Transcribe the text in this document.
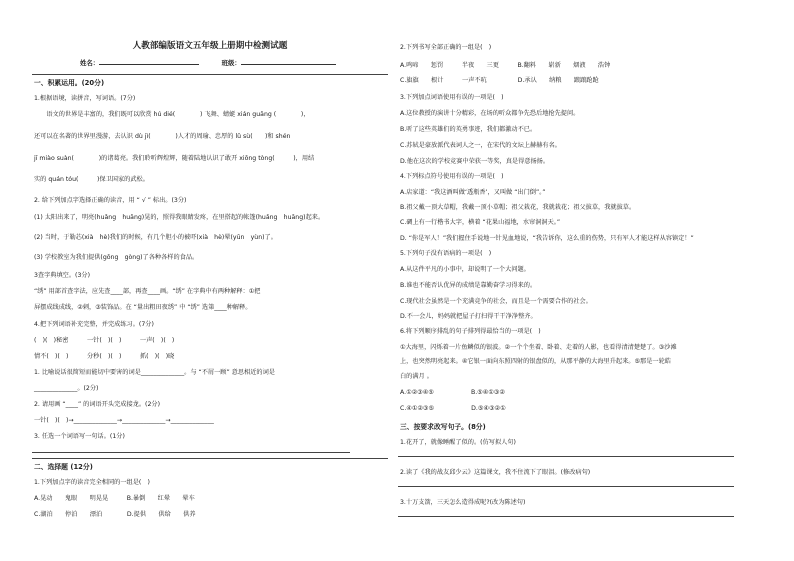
人教部编版语文五年级上册期中检测试题
姓名：	班级：
一、积累运用。(20分)
1.根据语境，读拼音，写词语。(7分)
　　语文的世界是丰富的，我们既可以欣赏 hú dié(　　　　) 飞舞、蜻蜓 xián guāng (　　　　)，
还可以在名著的世界里漫游，去认识 dù jì(　　　　)人才的周瑜、忠厚的 lǔ sù(　　)和 shén
jī miào suàn(　　　　)的诸葛亮。我们聆听辉煌辉，随着陆地认识了敢开 xiōng tòng(　　　)，用结
实的 quán tóu(　　　)保卫国家的武松。
2. 给下列加点字选择正确的读音，用 “ √ ” 标出。(3分)
(1) 太阳出来了，明亮(huǎng　huāng)晃的，照得我眼睛发疼，在里搭起的帐篷(huǎng　huāng)起来。
(2) 当时，于勒芯(xià　hè)我们的时候，有几个胆小的被吓(xià　hè)晕(yūn　yùn)了。
(3) 学校教室为我们提供(gōng　gòng)了各种各样的食品。
3查字典填空。(3分)
“绣” 用部首查字法，应先查____部，再查____画。“绣” 在字典中有两种解释：①把
屏摆成线成线，②刺，③装饰品。在 “量出粗田夜绣” 中 “绣” 选第____种解释。
4.把下列词语补充完整，并完成练习。(7分)
(　)(　)秘密　　　一针(　)(　)　　　一声(　)(　)
情不(　)(　)　　　分秒(　)(　)　　　抓(　)(　)晓
1. 比喻说话很简短而能切中要害的词是______________。与 “不屑一顾” 意思相近的词是
______________。(2分)
2. 请用画 “____” 的词语开头完成接龙。(2分)
一针(　)(　)→______________→______________→______________
3. 任选一个词语写一句话。(1分)
二、选择题 (12分)
1.下列加点字的读音完全相同的一组是(　)
A.晃动　　鬼眼　　明晃晃　　　B.暴倒　　红晕　　晕车
C.湖泊　　停泊　　漂泊　　　　D.提供　　供给　　供养
2.下列书写全部正确的一组是(　)
A.鸣啼　　惩罚　　　半夜　　三更　　　B.翻料　　崭新　　烟液　　浩钟
C.旗旗　　根计　　　一声不吭　　　　　D.承认　　纳粮　　踉踉跄跄
3.下列加点词语使用有误的一项是(　)
A.这位教授的演讲十分精彩，在场的听众都争先恐后地抢先提问。
B.听了这些英雄们的英勇事迹，我们都激动不已。
C.苏轼是豪放派代表词人之一，在宋代的文坛上赫赫有名。
D.他在这次的学校竞赛中荣获一等奖，真是得意扬扬。
4.下列标点符号使用有误的一项是(　)
A.店家道：“我这酒叫做‘透瓶香’，又叫做 “出门倒”。”
B.祖父戴一顶大草帽，我戴一顶小草帽；祖父栽花，我就栽花；祖父拔草，我就拔草。
C.碉上有一行楷书大字，横着 “花果山福地，水帘洞洞天。”
D. “你是军人！”我们握住手说地一针见血地说，“我告诉你，这么重的伤势，只有军人才能这样从容镇定！”
5.下列句子没有语病的一项是(　)
A.从这件平凡的小事中，却说明了一个大问题。
B.谁也不能否认优异的成绩是靠勤奋学习得来的。
C.现代社会虽然是一个充满竞争的社会，而且是一个需要合作的社会。
D.不一会儿，妈妈就把屋子打扫得干干净净整齐。
6.将下列顺序排乱的句子排列得最恰当的一项是(　)
①大海里，闪烁着一片鱼鳞似的银波。②一个个坐着、卧着、走着的人影，也看得清清楚楚了。③沙滩
上，也突然明亮起来。④它银一面向东照四射的银盘似的，从那平静的大海里升起来。⑤那是一轮皓
白的满月 。
A.①②③④⑤　　　　　　B.⑤④①③②
C.④①②③⑤　　　　　　D.⑤④③②①
三、按要求改写句子。(8分)
1.花开了，就像睡醒了似的。(仿写拟人句)
2.读了《我的战友邱少云》这篇课文，我不住流下了眼泪。(修改病句)
3.十万支箭，三天怎么造得成呢?(改为陈述句)
